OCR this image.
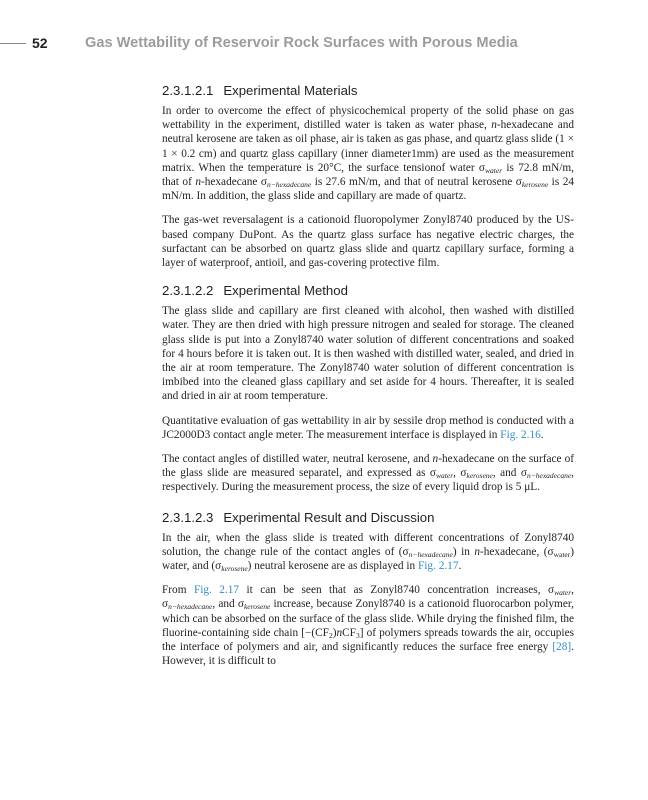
52	Gas Wettability of Reservoir Rock Surfaces with Porous Media
2.3.1.2.1 Experimental Materials

In order to overcome the effect of physicochemical property of the solid phase on gas wettability in the experiment, distilled water is taken as water phase, n-hexadecane and neutral kerosene are taken as oil phase, air is taken as gas phase, and quartz glass slide (1 × 1 × 0.2 cm) and quartz glass capillary (inner diameter1mm) are used as the measurement matrix. When the temperature is 20°C, the surface tensionof water $\sigma_{water}$ is 72.8 mN/m, that of n-hexadecane $\sigma_{n-hexadecane}$ is 27.6 mN/m, and that of neutral kerosene $\sigma_{kerosene}$ is 24 mN/m. In addition, the glass slide and capillary are made of quartz.

The gas-wet reversalagent is a cationoid fluoropolymer Zonyl8740 produced by the US-based company DuPont. As the quartz glass surface has negative electric charges, the surfactant can be absorbed on quartz glass slide and quartz capillary surface, forming a layer of waterproof, antioil, and gas-covering protective film.

2.3.1.2.2 Experimental Method

The glass slide and capillary are first cleaned with alcohol, then washed with distilled water. They are then dried with high pressure nitrogen and sealed for storage. The cleaned glass slide is put into a Zonyl8740 water solution of different concentrations and soaked for 4 hours before it is taken out. It is then washed with distilled water, sealed, and dried in the air at room temperature. The Zonyl8740 water solution of different concentration is imbibed into the cleaned glass capillary and set aside for 4 hours. Thereafter, it is sealed and dried in air at room temperature.

Quantitative evaluation of gas wettability in air by sessile drop method is conducted with a JC2000D3 contact angle meter. The measurement interface is displayed in Fig. 2.16.

The contact angles of distilled water, neutral kerosene, and n-hexadecane on the surface of the glass slide are measured separatel, and expressed as $\sigma_{water}$, $\sigma_{kerosene}$, and $\sigma_{n-hexadecane}$, respectively. During the measurement process, the size of every liquid drop is 5 μL.

2.3.1.2.3 Experimental Result and Discussion

In the air, when the glass slide is treated with different concentrations of Zonyl8740 solution, the change rule of the contact angles of $(\sigma_{n-hexadecane})$ in n-hexadecane, $(\sigma_{water})$ water, and $(\sigma_{kerosene})$ neutral kerosene are as displayed in Fig. 2.17.

From Fig. 2.17 it can be seen that as Zonyl8740 concentration increases, $\sigma_{water}$, $\sigma_{n-hexadecane}$, and $\sigma_{kerosene}$ increase, because Zonyl8740 is a cationoid fluorocarbon polymer, which can be absorbed on the surface of the glass slide. While drying the finished film, the fluorine-containing side chain $[-(CF_2)nCF_3]$ of polymers spreads towards the air, occupies the interface of polymers and air, and significantly reduces the surface free energy [28]. However, it is difficult to
